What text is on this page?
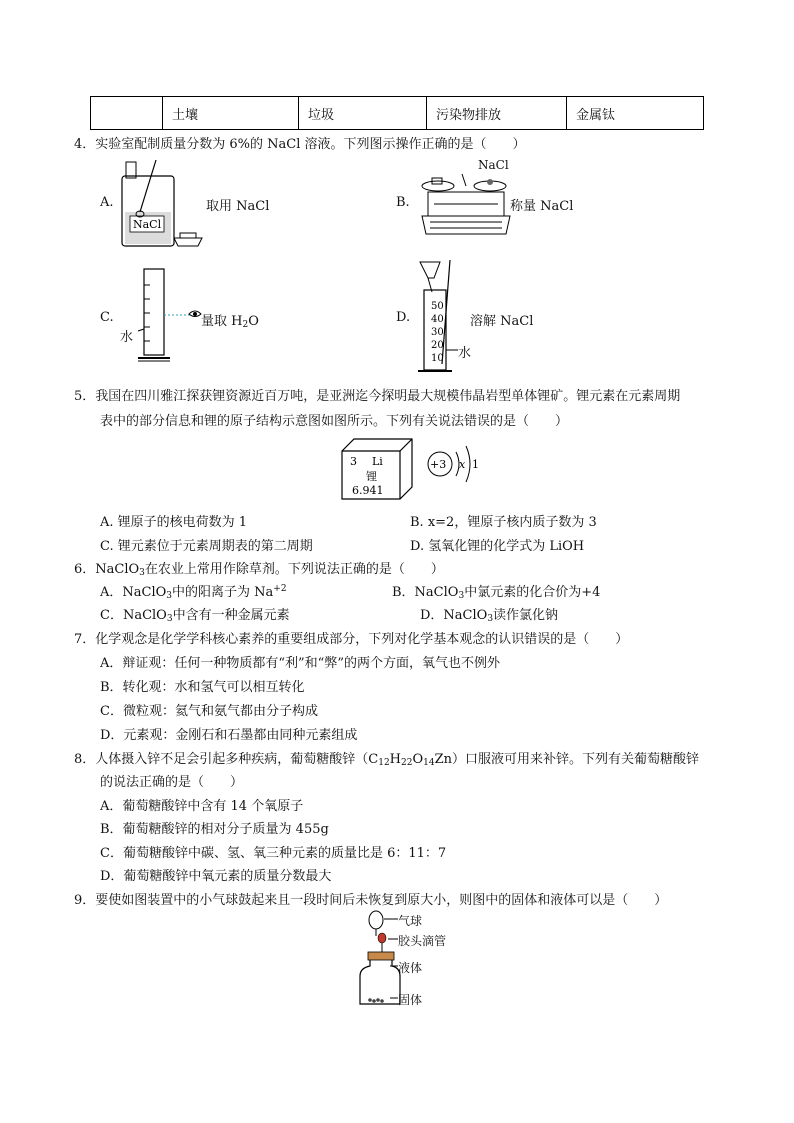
	土壤	垃圾	污染物排放	金属钛
4．实验室配制质量分数为 6%的 NaCl 溶液。下列图示操作正确的是（　　）
A.
NaCl
取用 NaCl	B.
NaCl
称量 NaCl
C.
水
量取 $H_2O$	D.
50
40
30
20
10 水
溶解 NaCl
5．我国在四川雅江探获锂资源近百万吨，是亚洲迄今探明最大规模伟晶岩型单体锂矿。锂元素在元素周期
表中的部分信息和锂的原子结构示意图如图所示。下列有关说法错误的是（　　）
3 Li
锂
6.941
+3 x 1
A. 锂原子的核电荷数为 1	B. x=2，锂原子核内质子数为 3
C. 锂元素位于元素周期表的第二周期	D. 氢氧化锂的化学式为 LiOH
6．NaClO$_3$在农业上常用作除草剂。下列说法正确的是（　　）
A．NaClO$_3$中的阳离子为 $Na^{+2}$	B．NaClO$_3$中氯元素的化合价为+4
C．NaClO$_3$中含有一种金属元素	D．NaClO$_3$读作氯化钠
7．化学观念是化学学科核心素养的重要组成部分，下列对化学基本观念的认识错误的是（　　）
A．辩证观：任何一种物质都有“利”和“弊”的两个方面，氧气也不例外
B．转化观：水和氢气可以相互转化
C．微粒观：氦气和氨气都由分子构成
D．元素观：金刚石和石墨都由同种元素组成
8．人体摄入锌不足会引起多种疾病，葡萄糖酸锌$(C_{12}H_{22}O_{14}Zn)$口服液可用来补锌。下列有关葡萄糖酸锌
的说法正确的是（　　）
A．葡萄糖酸锌中含有 14 个氧原子
B．葡萄糖酸锌的相对分子质量为 455g
C．葡萄糖酸锌中碳、氢、氧三种元素的质量比是 6：11：7
D．葡萄糖酸锌中氧元素的质量分数最大
9．要使如图装置中的小气球鼓起来且一段时间后未恢复到原大小，则图中的固体和液体可以是（　　）
气球
胶头滴管
液体
固体
